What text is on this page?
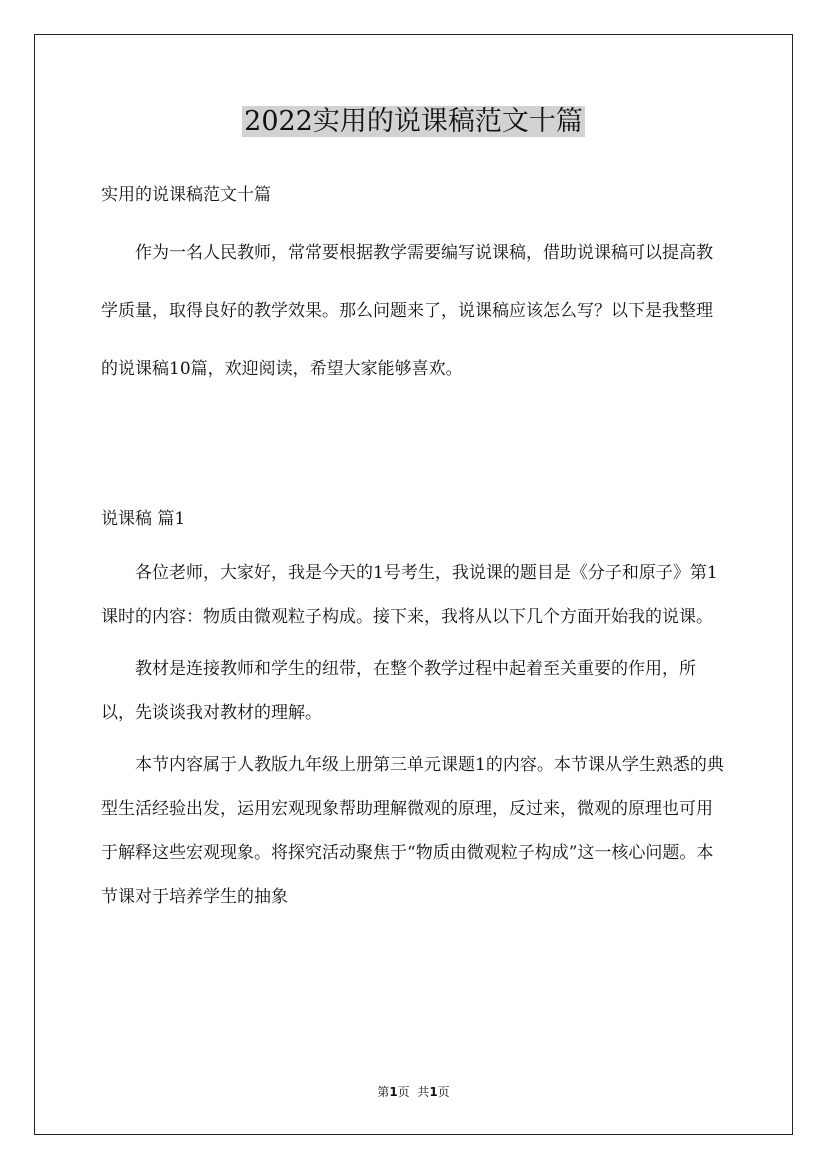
2022实用的说课稿范文十篇

实用的说课稿范文十篇

作为一名人民教师，常常要根据教学需要编写说课稿，借助说课稿可以提高教学质量，取得良好的教学效果。那么问题来了，说课稿应该怎么写？以下是我整理的说课稿10篇，欢迎阅读，希望大家能够喜欢。

说课稿 篇1

各位老师，大家好，我是今天的1号考生，我说课的题目是《分子和原子》第1课时的内容：物质由微观粒子构成。接下来，我将从以下几个方面开始我的说课。

教材是连接教师和学生的纽带，在整个教学过程中起着至关重要的作用，所以，先谈谈我对教材的理解。

本节内容属于人教版九年级上册第三单元课题1的内容。本节课从学生熟悉的典型生活经验出发，运用宏观现象帮助理解微观的原理，反过来，微观的原理也可用于解释这些宏观现象。将探究活动聚焦于“物质由微观粒子构成”这一核心问题。本节课对于培养学生的抽象

第1页  共1页
